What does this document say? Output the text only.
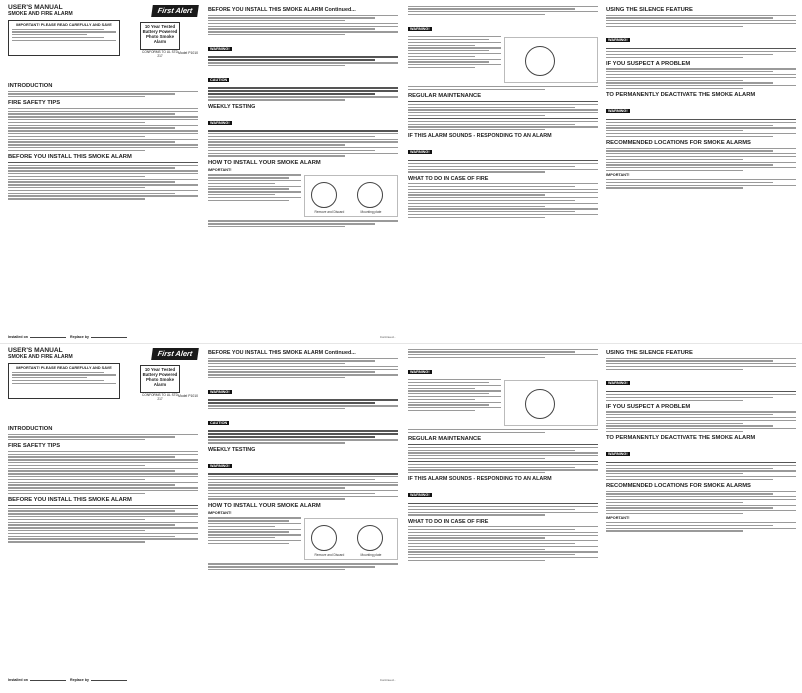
USER'S MANUAL
SMOKE AND FIRE ALARM	First Alert
IMPORTANT! PLEASE READ CAREFULLY AND SAVE	10 Year Tested Battery Powered Photo Smoke Alarm
CONFORMS TO UL STD 217
Model P1010
INTRODUCTION
FIRE SAFETY TIPS
BEFORE YOU INSTALL THIS SMOKE ALARM
Installed on	Replace by
BEFORE YOU INSTALL THIS SMOKE ALARM Continued...
WARNING!
CAUTION
WEEKLY TESTING
WARNING!
HOW TO INSTALL YOUR SMOKE ALARM
IMPORTANT!
Remove and Discard	Mounting plate
Continued...
WARNING!
REGULAR MAINTENANCE
IF THIS ALARM SOUNDS - RESPONDING TO AN ALARM
WARNING!
WHAT TO DO IN CASE OF FIRE
USING THE SILENCE FEATURE
WARNING!
IF YOU SUSPECT A PROBLEM
TO PERMANENTLY DEACTIVATE THE SMOKE ALARM
WARNING!
RECOMMENDED LOCATIONS FOR SMOKE ALARMS
IMPORTANT!
USER'S MANUAL
SMOKE AND FIRE ALARM	First Alert
IMPORTANT! PLEASE READ CAREFULLY AND SAVE	10 Year Tested Battery Powered Photo Smoke Alarm
CONFORMS TO UL STD 217
Model P1010
INTRODUCTION
FIRE SAFETY TIPS
BEFORE YOU INSTALL THIS SMOKE ALARM
Installed on	Replace by
BEFORE YOU INSTALL THIS SMOKE ALARM Continued...
WARNING!
CAUTION
WEEKLY TESTING
WARNING!
HOW TO INSTALL YOUR SMOKE ALARM
IMPORTANT!
Remove and Discard	Mounting plate
Continued...
WARNING!
REGULAR MAINTENANCE
IF THIS ALARM SOUNDS - RESPONDING TO AN ALARM
WARNING!
WHAT TO DO IN CASE OF FIRE
USING THE SILENCE FEATURE
WARNING!
IF YOU SUSPECT A PROBLEM
TO PERMANENTLY DEACTIVATE THE SMOKE ALARM
WARNING!
RECOMMENDED LOCATIONS FOR SMOKE ALARMS
IMPORTANT!
